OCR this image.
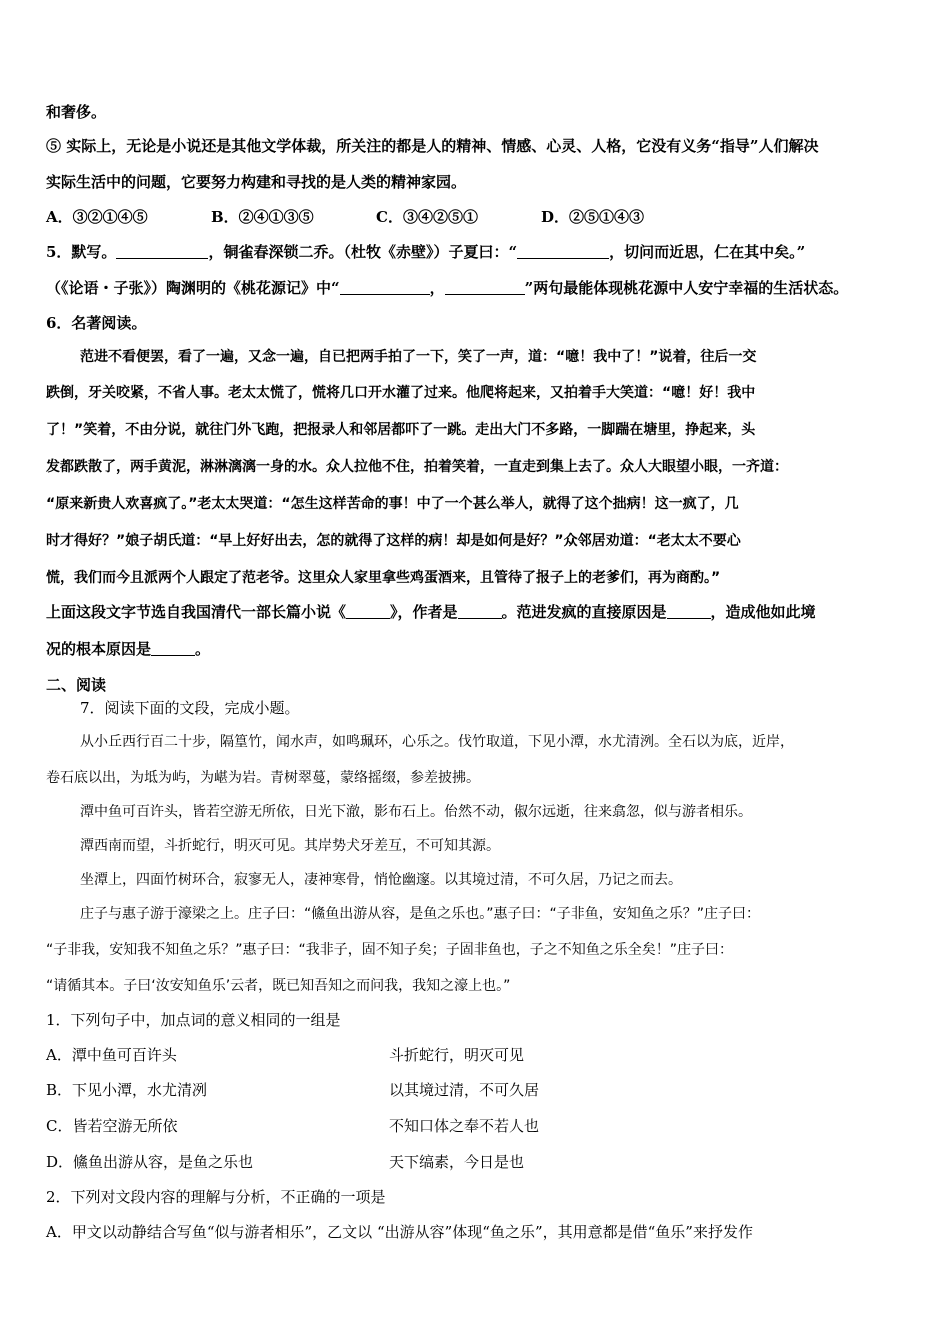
和奢侈。
⑤ 实际上，无论是小说还是其他文学体裁，所关注的都是人的精神、情感、心灵、人格，它没有义务“指导”人们解决
实际生活中的问题，它要努力构建和寻找的是人类的精神家园。
A．③②①④⑤	B．②④①③⑤	C．③④②⑤①	D．②⑤①④③
5．默写。	，铜雀春深锁二乔。（杜牧《赤壁》）子夏曰：“	，切问而近思，仁在其中矣。”
（《论语・子张》）陶渊明的《桃花源记》中“	，	”两句最能体现桃花源中人安宁幸福的生活状态。
6．名著阅读。
范进不看便罢，看了一遍，又念一遍，自已把两手拍了一下，笑了一声，道：“噫！我中了！”说着，往后一交
跌倒，牙关咬紧，不省人事。老太太慌了，慌将几口开水灌了过来。他爬将起来，又拍着手大笑道：“噫！好！我中
了！”笑着，不由分说，就往门外飞跑，把报录人和邻居都吓了一跳。走出大门不多路，一脚踹在塘里，挣起来，头
发都跌散了，两手黄泥，淋淋漓漓一身的水。众人拉他不住，拍着笑着，一直走到集上去了。众人大眼望小眼，一齐道：
“原来新贵人欢喜疯了。”老太太哭道：“怎生这样苦命的事！中了一个甚么举人，就得了这个拙病！这一疯了，几
时才得好？”娘子胡氏道：“早上好好出去，怎的就得了这样的病！却是如何是好？”众邻居劝道：“老太太不要心
慌，我们而今且派两个人跟定了范老爷。这里众人家里拿些鸡蛋酒来，且管待了报子上的老爹们，再为商酌。”
上面这段文字节选自我国清代一部长篇小说《	》，作者是	。范进发疯的直接原因是	，造成他如此境
况的根本原因是	。
二、阅读
7．阅读下面的文段，完成小题。
从小丘西行百二十步，隔篁竹，闻水声，如鸣珮环，心乐之。伐竹取道，下见小潭，水尤清洌。全石以为底，近岸，
卷石底以出，为坻为屿，为嵁为岩。青树翠蔓，蒙络摇缀，参差披拂。
潭中鱼可百许头，皆若空游无所依，日光下澈，影布石上。佁然不动，俶尔远逝，往来翕忽，似与游者相乐。
潭西南而望，斗折蛇行，明灭可见。其岸势犬牙差互，不可知其源。
坐潭上，四面竹树环合，寂寥无人，凄神寒骨，悄怆幽邃。以其境过清，不可久居，乃记之而去。
庄子与惠子游于濠梁之上。庄子曰：“鯈鱼出游从容，是鱼之乐也。”惠子曰：“子非鱼，安知鱼之乐？”庄子曰：
“子非我，安知我不知鱼之乐？”惠子曰：“我非子，固不知子矣；子固非鱼也，子之不知鱼之乐全矣！”庄子曰：
“请循其本。子曰‘汝安知鱼乐’云者，既已知吾知之而问我，我知之濠上也。”
1．下列句子中，加点词的意义相同的一组是
A．潭中鱼可百许头	斗折蛇行，明灭可见
B．下见小潭，水尤清冽	以其境过清，不可久居
C．皆若空游无所依	不知口体之奉不若人也
D．鯈鱼出游从容，是鱼之乐也	天下缟素，今日是也
2．下列对文段内容的理解与分析，不正确的一项是
A．甲文以动静结合写鱼“似与游者相乐”，乙文以 “出游从容”体现“鱼之乐”，其用意都是借“鱼乐”来抒发作
